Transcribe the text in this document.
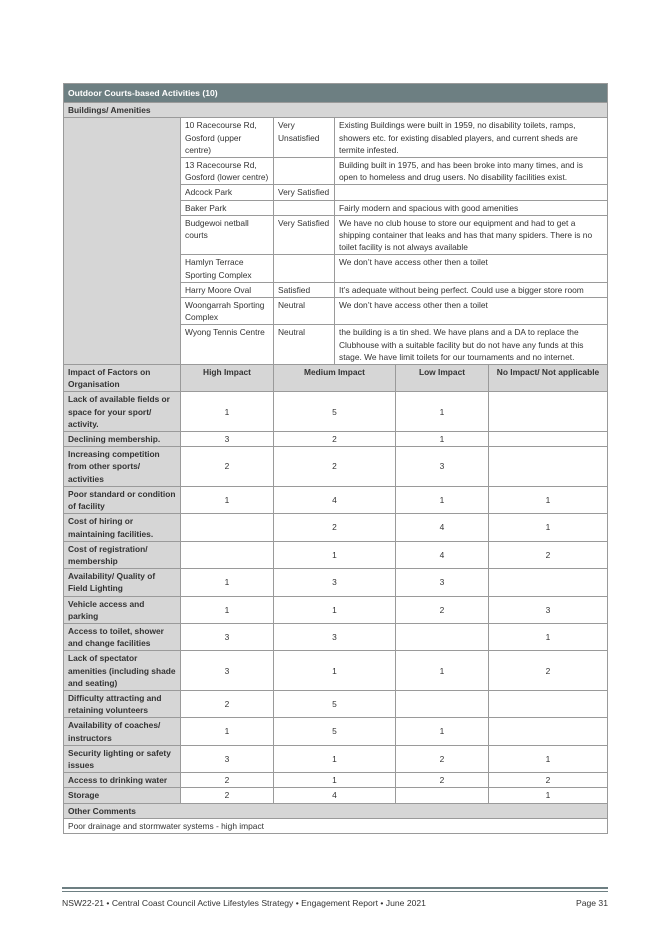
Outdoor Courts-based Activities (10)					
Buildings/ Amenities					
	10 Racecourse Rd, Gosford (upper centre)	Very Unsatisfied	Existing Buildings were built in 1959, no disability toilets, ramps, showers etc. for existing disabled players, and current sheds are termite infested.		
	13 Racecourse Rd, Gosford (lower centre)		Building built in 1975, and has been broke into many times, and is open to homeless and drug users. No disability facilities exist.		
	Adcock Park	Very Satisfied			
	Baker Park		Fairly modern and spacious with good amenities		
	Budgewoi netball courts	Very Satisfied	We have no club house to store our equipment and had to get a shipping container that leaks and has that many spiders. There is no toilet facility is not always available		
	Hamlyn Terrace Sporting Complex		We don’t have access other then a toilet		
	Harry Moore Oval	Satisfied	It’s adequate without being perfect. Could use a bigger store room		
	Woongarrah Sporting Complex	Neutral	We don’t have access other then a toilet		
	Wyong Tennis Centre	Neutral	the building is a tin shed. We have plans and a DA to replace the Clubhouse with a suitable facility but do not have any funds at this stage. We have limit toilets for our tournaments and no internet.		
Impact of Factors on Organisation	High Impact	Medium Impact		Low Impact	No Impact/ Not applicable
Lack of available fields or space for your sport/ activity.	1	5		1	
Declining membership.	3	2		1	
Increasing competition from other sports/ activities	2	2		3	
Poor standard or condition of facility	1	4		1	1
Cost of hiring or maintaining facilities.		2		4	1
Cost of registration/ membership		1		4	2
Availability/ Quality of Field Lighting	1	3		3	
Vehicle access and parking	1	1		2	3
Access to toilet, shower and change facilities	3	3			1
Lack of spectator amenities (including shade and seating)	3	1		1	2
Difficulty attracting and retaining volunteers	2	5			
Availability of coaches/ instructors	1	5		1	
Security lighting or safety issues	3	1		2	1
Access to drinking water	2	1		2	2
Storage	2	4			1
Other Comments					
Poor drainage and stormwater systems - high impact					
NSW22-21 • Central Coast Council Active Lifestyles Strategy • Engagement Report • June 2021	Page 31
